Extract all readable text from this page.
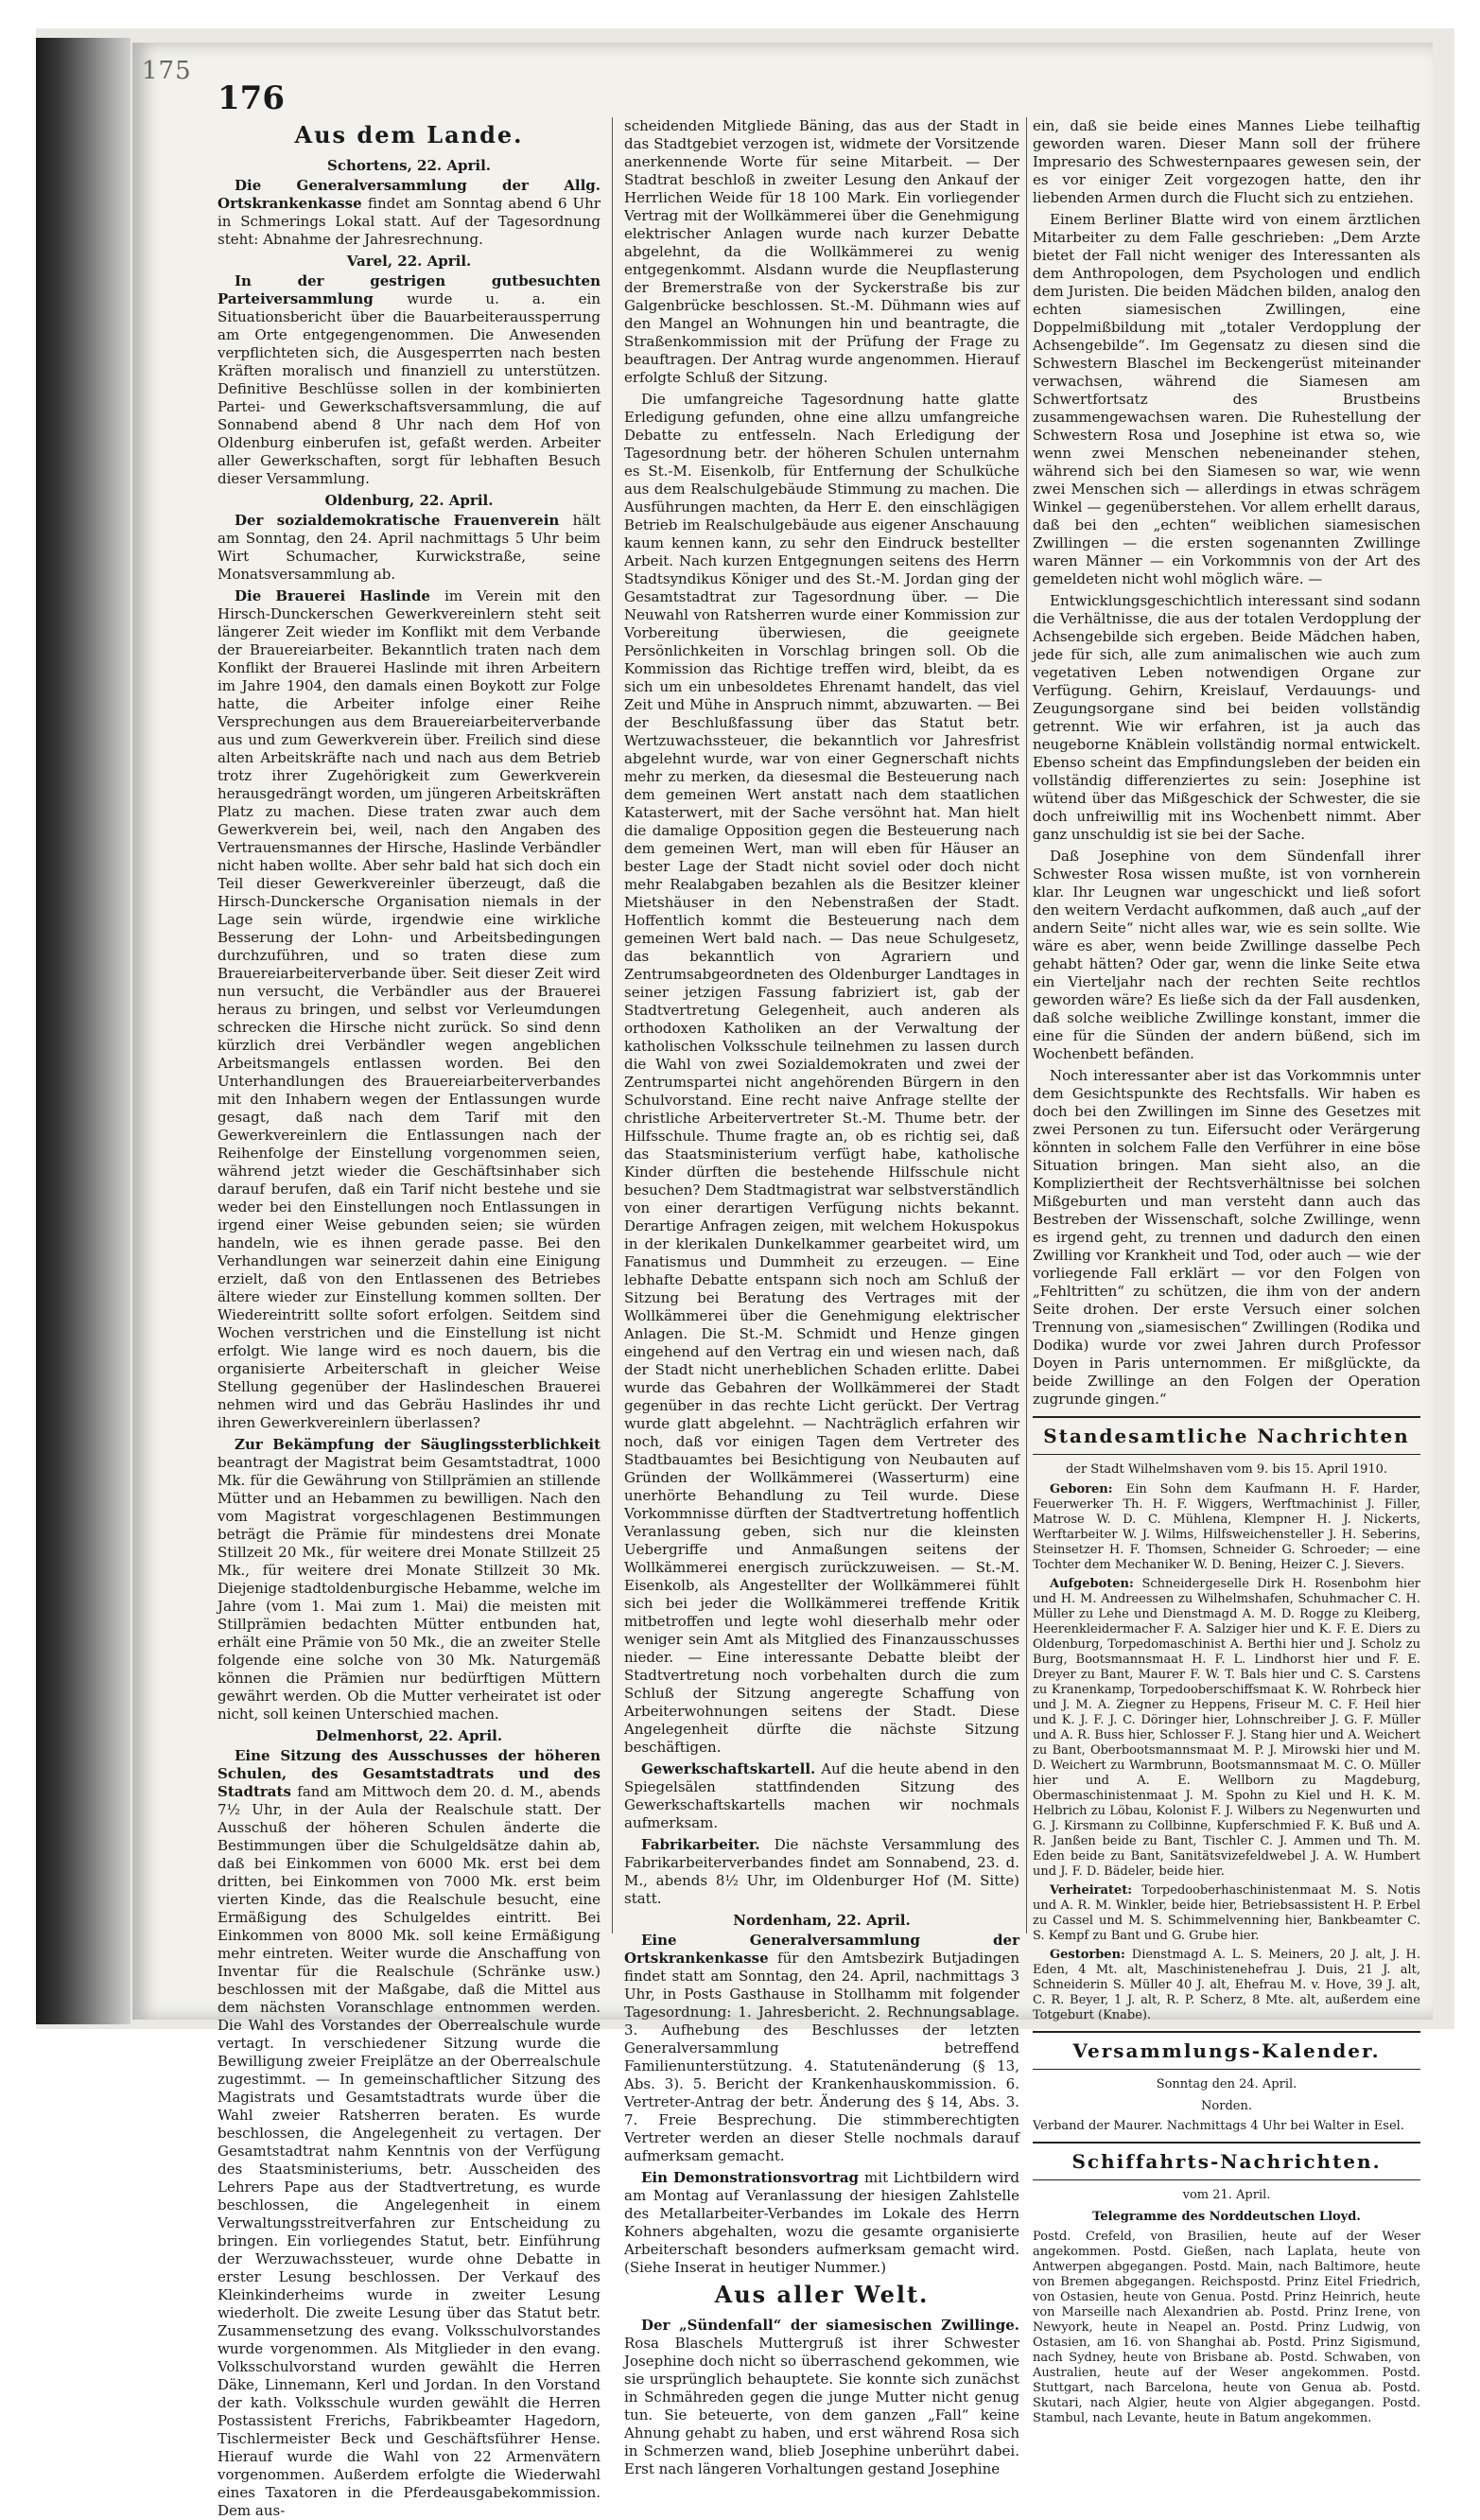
175
176
Aus dem Lande.
Schortens, 22. April.

Die Generalversammlung der Allg. Ortskrankenkasse findet am Sonntag abend 6 Uhr in Schmerings Lokal statt. Auf der Tagesordnung steht: Abnahme der Jahresrechnung.

Varel, 22. April.

In der gestrigen gutbesuchten Parteiversammlung wurde u. a. ein Situationsbericht über die Bauarbeiteraussperrung am Orte entgegengenommen. Die Anwesenden verpflichteten sich, die Ausgesperrten nach besten Kräften moralisch und finanziell zu unterstützen. Definitive Beschlüsse sollen in der kombinierten Partei- und Gewerkschaftsversammlung, die auf Sonnabend abend 8 Uhr nach dem Hof von Oldenburg einberufen ist, gefaßt werden. Arbeiter aller Gewerkschaften, sorgt für lebhaften Besuch dieser Versammlung.

Oldenburg, 22. April.

Der sozialdemokratische Frauenverein hält am Sonntag, den 24. April nachmittags 5 Uhr beim Wirt Schumacher, Kurwickstraße, seine Monatsversammlung ab.

Die Brauerei Haslinde im Verein mit den Hirsch-Dunckerschen Gewerkvereinlern steht seit längerer Zeit wieder im Konflikt mit dem Verbande der Brauereiarbeiter. Bekanntlich traten nach dem Konflikt der Brauerei Haslinde mit ihren Arbeitern im Jahre 1904, den damals einen Boykott zur Folge hatte, die Arbeiter infolge einer Reihe Versprechungen aus dem Brauereiarbeiterverbande aus und zum Gewerkverein über. Freilich sind diese alten Arbeitskräfte nach und nach aus dem Betrieb trotz ihrer Zugehörigkeit zum Gewerkverein herausgedrängt worden, um jüngeren Arbeitskräften Platz zu machen. Diese traten zwar auch dem Gewerkverein bei, weil, nach den Angaben des Vertrauensmannes der Hirsche, Haslinde Verbändler nicht haben wollte. Aber sehr bald hat sich doch ein Teil dieser Gewerkvereinler überzeugt, daß die Hirsch-Dunckersche Organisation niemals in der Lage sein würde, irgendwie eine wirkliche Besserung der Lohn- und Arbeitsbedingungen durchzuführen, und so traten diese zum Brauereiarbeiterverbande über. Seit dieser Zeit wird nun versucht, die Verbändler aus der Brauerei heraus zu bringen, und selbst vor Verleumdungen schrecken die Hirsche nicht zurück. So sind denn kürzlich drei Verbändler wegen angeblichen Arbeitsmangels entlassen worden. Bei den Unterhandlungen des Brauereiarbeiterverbandes mit den Inhabern wegen der Entlassungen wurde gesagt, daß nach dem Tarif mit den Gewerkvereinlern die Entlassungen nach der Reihenfolge der Einstellung vorgenommen seien, während jetzt wieder die Geschäftsinhaber sich darauf berufen, daß ein Tarif nicht bestehe und sie weder bei den Einstellungen noch Entlassungen in irgend einer Weise gebunden seien; sie würden handeln, wie es ihnen gerade passe. Bei den Verhandlungen war seinerzeit dahin eine Einigung erzielt, daß von den Entlassenen des Betriebes ältere wieder zur Einstellung kommen sollten. Der Wiedereintritt sollte sofort erfolgen. Seitdem sind Wochen verstrichen und die Einstellung ist nicht erfolgt. Wie lange wird es noch dauern, bis die organisierte Arbeiterschaft in gleicher Weise Stellung gegenüber der Haslindeschen Brauerei nehmen wird und das Gebräu Haslindes ihr und ihren Gewerkvereinlern überlassen?

Zur Bekämpfung der Säuglingssterblichkeit beantragt der Magistrat beim Gesamtstadtrat, 1000 Mk. für die Gewährung von Stillprämien an stillende Mütter und an Hebammen zu bewilligen. Nach den vom Magistrat vorgeschlagenen Bestimmungen beträgt die Prämie für mindestens drei Monate Stillzeit 20 Mk., für weitere drei Monate Stillzeit 25 Mk., für weitere drei Monate Stillzeit 30 Mk. Diejenige stadtoldenburgische Hebamme, welche im Jahre (vom 1. Mai zum 1. Mai) die meisten mit Stillprämien bedachten Mütter entbunden hat, erhält eine Prämie von 50 Mk., die an zweiter Stelle folgende eine solche von 30 Mk. Naturgemäß können die Prämien nur bedürftigen Müttern gewährt werden. Ob die Mutter verheiratet ist oder nicht, soll keinen Unterschied machen.

Delmenhorst, 22. April.

Eine Sitzung des Ausschusses der höheren Schulen, des Gesamtstadtrats und des Stadtrats fand am Mittwoch dem 20. d. M., abends 7½ Uhr, in der Aula der Realschule statt. Der Ausschuß der höheren Schulen änderte die Bestimmungen über die Schulgeldsätze dahin ab, daß bei Einkommen von 6000 Mk. erst bei dem dritten, bei Einkommen von 7000 Mk. erst beim vierten Kinde, das die Realschule besucht, eine Ermäßigung des Schulgeldes eintritt. Bei Einkommen von 8000 Mk. soll keine Ermäßigung mehr eintreten. Weiter wurde die Anschaffung von Inventar für die Realschule (Schränke usw.) beschlossen mit der Maßgabe, daß die Mittel aus dem nächsten Voranschlage entnommen werden. Die Wahl des Vorstandes der Oberrealschule wurde vertagt. In verschiedener Sitzung wurde die Bewilligung zweier Freiplätze an der Oberrealschule zugestimmt. — In gemeinschaftlicher Sitzung des Magistrats und Gesamtstadtrats wurde über die Wahl zweier Ratsherren beraten. Es wurde beschlossen, die Angelegenheit zu vertagen. Der Gesamtstadtrat nahm Kenntnis von der Verfügung des Staatsministeriums, betr. Ausscheiden des Lehrers Pape aus der Stadtvertretung, es wurde beschlossen, die Angelegenheit in einem Verwaltungsstreitverfahren zur Entscheidung zu bringen. Ein vorliegendes Statut, betr. Einführung der Werzuwachssteuer, wurde ohne Debatte in erster Lesung beschlossen. Der Verkauf des Kleinkinderheims wurde in zweiter Lesung wiederholt. Die zweite Lesung über das Statut betr. Zusammensetzung des evang. Volksschulvorstandes wurde vorgenommen. Als Mitglieder in den evang. Volksschulvorstand wurden gewählt die Herren Däke, Linnemann, Kerl und Jordan. In den Vorstand der kath. Volksschule wurden gewählt die Herren Postassistent Frerichs, Fabrikbeamter Hagedorn, Tischlermeister Beck und Geschäftsführer Hense. Hierauf wurde die Wahl von 22 Armenvätern vorgenommen. Außerdem erfolgte die Wiederwahl eines Taxatoren in die Pferdeausgabekommission. Dem aus-

scheidenden Mitgliede Bäning, das aus der Stadt in das Stadtgebiet verzogen ist, widmete der Vorsitzende anerkennende Worte für seine Mitarbeit. — Der Stadtrat beschloß in zweiter Lesung den Ankauf der Herrlichen Weide für 18 100 Mark. Ein vorliegender Vertrag mit der Wollkämmerei über die Genehmigung elektrischer Anlagen wurde nach kurzer Debatte abgelehnt, da die Wollkämmerei zu wenig entgegenkommt. Alsdann wurde die Neupflasterung der Bremerstraße von der Syckerstraße bis zur Galgenbrücke beschlossen. St.-M. Dühmann wies auf den Mangel an Wohnungen hin und beantragte, die Straßenkommission mit der Prüfung der Frage zu beauftragen. Der Antrag wurde angenommen. Hierauf erfolgte Schluß der Sitzung.

Die umfangreiche Tagesordnung hatte glatte Erledigung gefunden, ohne eine allzu umfangreiche Debatte zu entfesseln. Nach Erledigung der Tagesordnung betr. der höheren Schulen unternahm es St.-M. Eisenkolb, für Entfernung der Schulküche aus dem Realschulgebäude Stimmung zu machen. Die Ausführungen machten, da Herr E. den einschlägigen Betrieb im Realschulgebäude aus eigener Anschauung kaum kennen kann, zu sehr den Eindruck bestellter Arbeit. Nach kurzen Entgegnungen seitens des Herrn Stadtsyndikus Königer und des St.-M. Jordan ging der Gesamtstadtrat zur Tagesordnung über. — Die Neuwahl von Ratsherren wurde einer Kommission zur Vorbereitung überwiesen, die geeignete Persönlichkeiten in Vorschlag bringen soll. Ob die Kommission das Richtige treffen wird, bleibt, da es sich um ein unbesoldetes Ehrenamt handelt, das viel Zeit und Mühe in Anspruch nimmt, abzuwarten. — Bei der Beschlußfassung über das Statut betr. Wertzuwachssteuer, die bekanntlich vor Jahresfrist abgelehnt wurde, war von einer Gegnerschaft nichts mehr zu merken, da diesesmal die Besteuerung nach dem gemeinen Wert anstatt nach dem staatlichen Katasterwert, mit der Sache versöhnt hat. Man hielt die damalige Opposition gegen die Besteuerung nach dem gemeinen Wert, man will eben für Häuser an bester Lage der Stadt nicht soviel oder doch nicht mehr Realabgaben bezahlen als die Besitzer kleiner Mietshäuser in den Nebenstraßen der Stadt. Hoffentlich kommt die Besteuerung nach dem gemeinen Wert bald nach. — Das neue Schulgesetz, das bekanntlich von Agrariern und Zentrumsabgeordneten des Oldenburger Landtages in seiner jetzigen Fassung fabriziert ist, gab der Stadtvertretung Gelegenheit, auch anderen als orthodoxen Katholiken an der Verwaltung der katholischen Volksschule teilnehmen zu lassen durch die Wahl von zwei Sozialdemokraten und zwei der Zentrumspartei nicht angehörenden Bürgern in den Schulvorstand. Eine recht naive Anfrage stellte der christliche Arbeitervertreter St.-M. Thume betr. der Hilfsschule. Thume fragte an, ob es richtig sei, daß das Staatsministerium verfügt habe, katholische Kinder dürften die bestehende Hilfsschule nicht besuchen? Dem Stadtmagistrat war selbstverständlich von einer derartigen Verfügung nichts bekannt. Derartige Anfragen zeigen, mit welchem Hokuspokus in der klerikalen Dunkelkammer gearbeitet wird, um Fanatismus und Dummheit zu erzeugen. — Eine lebhafte Debatte entspann sich noch am Schluß der Sitzung bei Beratung des Vertrages mit der Wollkämmerei über die Genehmigung elektrischer Anlagen. Die St.-M. Schmidt und Henze gingen eingehend auf den Vertrag ein und wiesen nach, daß der Stadt nicht unerheblichen Schaden erlitte. Dabei wurde das Gebahren der Wollkämmerei der Stadt gegenüber in das rechte Licht gerückt. Der Vertrag wurde glatt abgelehnt. — Nachträglich erfahren wir noch, daß vor einigen Tagen dem Vertreter des Stadtbauamtes bei Besichtigung von Neubauten auf Gründen der Wollkämmerei (Wasserturm) eine unerhörte Behandlung zu Teil wurde. Diese Vorkommnisse dürften der Stadtvertretung hoffentlich Veranlassung geben, sich nur die kleinsten Uebergriffe und Anmaßungen seitens der Wollkämmerei energisch zurückzuweisen. — St.-M. Eisenkolb, als Angestellter der Wollkämmerei fühlt sich bei jeder die Wollkämmerei treffende Kritik mitbetroffen und legte wohl dieserhalb mehr oder weniger sein Amt als Mitglied des Finanzausschusses nieder. — Eine interessante Debatte bleibt der Stadtvertretung noch vorbehalten durch die zum Schluß der Sitzung angeregte Schaffung von Arbeiterwohnungen seitens der Stadt. Diese Angelegenheit dürfte die nächste Sitzung beschäftigen.

Gewerkschaftskartell. Auf die heute abend in den Spiegelsälen stattfindenden Sitzung des Gewerkschaftskartells machen wir nochmals aufmerksam.

Fabrikarbeiter. Die nächste Versammlung des Fabrikarbeiterverbandes findet am Sonnabend, 23. d. M., abends 8½ Uhr, im Oldenburger Hof (M. Sitte) statt.

Nordenham, 22. April.

Eine Generalversammlung der Ortskrankenkasse für den Amtsbezirk Butjadingen findet statt am Sonntag, den 24. April, nachmittags 3 Uhr, in Posts Gasthause in Stollhamm mit folgender Tagesordnung: 1. Jahresbericht. 2. Rechnungsablage. 3. Aufhebung des Beschlusses der letzten Generalversammlung betreffend Familienunterstützung. 4. Statutenänderung (§ 13, Abs. 3). 5. Bericht der Krankenhauskommission. 6. Vertreter-Antrag der betr. Änderung des § 14, Abs. 3. 7. Freie Besprechung. Die stimmberechtigten Vertreter werden an dieser Stelle nochmals darauf aufmerksam gemacht.

Ein Demonstrationsvortrag mit Lichtbildern wird am Montag auf Veranlassung der hiesigen Zahlstelle des Metallarbeiter-Verbandes im Lokale des Herrn Kohners abgehalten, wozu die gesamte organisierte Arbeiterschaft besonders aufmerksam gemacht wird. (Siehe Inserat in heutiger Nummer.)

Aus aller Welt.

Der „Sündenfall“ der siamesischen Zwillinge. Rosa Blaschels Muttergruß ist ihrer Schwester Josephine doch nicht so überraschend gekommen, wie sie ursprünglich behauptete. Sie konnte sich zunächst in Schmähreden gegen die junge Mutter nicht genug tun. Sie beteuerte, von dem ganzen „Fall“ keine Ahnung gehabt zu haben, und erst während Rosa sich in Schmerzen wand, blieb Josephine unberührt dabei. Erst nach längeren Vorhaltungen gestand Josephine

ein, daß sie beide eines Mannes Liebe teilhaftig geworden waren. Dieser Mann soll der frühere Impresario des Schwesternpaares gewesen sein, der es vor einiger Zeit vorgezogen hatte, den ihr liebenden Armen durch die Flucht sich zu entziehen.

Einem Berliner Blatte wird von einem ärztlichen Mitarbeiter zu dem Falle geschrieben: „Dem Arzte bietet der Fall nicht weniger des Interessanten als dem Anthropologen, dem Psychologen und endlich dem Juristen. Die beiden Mädchen bilden, analog den echten siamesischen Zwillingen, eine Doppelmißbildung mit „totaler Verdopplung der Achsengebilde“. Im Gegensatz zu diesen sind die Schwestern Blaschel im Beckengerüst miteinander verwachsen, während die Siamesen am Schwertfortsatz des Brustbeins zusammengewachsen waren. Die Ruhestellung der Schwestern Rosa und Josephine ist etwa so, wie wenn zwei Menschen nebeneinander stehen, während sich bei den Siamesen so war, wie wenn zwei Menschen sich — allerdings in etwas schrägem Winkel — gegenüberstehen. Vor allem erhellt daraus, daß bei den „echten“ weiblichen siamesischen Zwillingen — die ersten sogenannten Zwillinge waren Männer — ein Vorkommnis von der Art des gemeldeten nicht wohl möglich wäre. —

Entwicklungsgeschichtlich interessant sind sodann die Verhältnisse, die aus der totalen Verdopplung der Achsengebilde sich ergeben. Beide Mädchen haben, jede für sich, alle zum animalischen wie auch zum vegetativen Leben notwendigen Organe zur Verfügung. Gehirn, Kreislauf, Verdauungs- und Zeugungsorgane sind bei beiden vollständig getrennt. Wie wir erfahren, ist ja auch das neugeborne Knäblein vollständig normal entwickelt. Ebenso scheint das Empfindungsleben der beiden ein vollständig differenziertes zu sein: Josephine ist wütend über das Mißgeschick der Schwester, die sie doch unfreiwillig mit ins Wochenbett nimmt. Aber ganz unschuldig ist sie bei der Sache.

Daß Josephine von dem Sündenfall ihrer Schwester Rosa wissen mußte, ist von vornherein klar. Ihr Leugnen war ungeschickt und ließ sofort den weitern Verdacht aufkommen, daß auch „auf der andern Seite“ nicht alles war, wie es sein sollte. Wie wäre es aber, wenn beide Zwillinge dasselbe Pech gehabt hätten? Oder gar, wenn die linke Seite etwa ein Vierteljahr nach der rechten Seite rechtlos geworden wäre? Es ließe sich da der Fall ausdenken, daß solche weibliche Zwillinge konstant, immer die eine für die Sünden der andern büßend, sich im Wochenbett befänden.

Noch interessanter aber ist das Vorkommnis unter dem Gesichtspunkte des Rechtsfalls. Wir haben es doch bei den Zwillingen im Sinne des Gesetzes mit zwei Personen zu tun. Eifersucht oder Verärgerung könnten in solchem Falle den Verführer in eine böse Situation bringen. Man sieht also, an die Kompliziertheit der Rechtsverhältnisse bei solchen Mißgeburten und man versteht dann auch das Bestreben der Wissenschaft, solche Zwillinge, wenn es irgend geht, zu trennen und dadurch den einen Zwilling vor Krankheit und Tod, oder auch — wie der vorliegende Fall erklärt — vor den Folgen von „Fehltritten“ zu schützen, die ihm von der andern Seite drohen. Der erste Versuch einer solchen Trennung von „siamesischen“ Zwillingen (Rodika und Dodika) wurde vor zwei Jahren durch Professor Doyen in Paris unternommen. Er mißglückte, da beide Zwillinge an den Folgen der Operation zugrunde gingen.“

Standesamtliche Nachrichten
der Stadt Wilhelmshaven vom 9. bis 15. April 1910.

Geboren: Ein Sohn dem Kaufmann H. F. Harder, Feuerwerker Th. H. F. Wiggers, Werftmachinist J. Filler, Matrose W. D. C. Mühlena, Klempner H. J. Nickerts, Werftarbeiter W. J. Wilms, Hilfsweichensteller J. H. Seberins, Steinsetzer H. F. Thomsen, Schneider G. Schroeder; — eine Tochter dem Mechaniker W. D. Bening, Heizer C. J. Sievers.

Aufgeboten: Schneidergeselle Dirk H. Rosenbohm hier und H. M. Andreessen zu Wilhelmshafen, Schuhmacher C. H. Müller zu Lehe und Dienstmagd A. M. D. Rogge zu Kleiberg, Heerenkleidermacher F. A. Salziger hier und K. F. E. Diers zu Oldenburg, Torpedomaschinist A. Berthi hier und J. Scholz zu Burg, Bootsmannsmaat H. F. L. Lindhorst hier und F. E. Dreyer zu Bant, Maurer F. W. T. Bals hier und C. S. Carstens zu Kranenkamp, Torpedooberschiffsmaat K. W. Rohrbeck hier und J. M. A. Ziegner zu Heppens, Friseur M. C. F. Heil hier und K. J. F. J. C. Döringer hier, Lohnschreiber J. G. F. Müller und A. R. Buss hier, Schlosser F. J. Stang hier und A. Weichert zu Bant, Oberbootsmannsmaat M. P. J. Mirowski hier und M. D. Weichert zu Warmbrunn, Bootsmannsmaat M. C. O. Müller hier und A. E. Wellborn zu Magdeburg, Obermaschinistenmaat J. M. Spohn zu Kiel und H. K. M. Helbrich zu Löbau, Kolonist F. J. Wilbers zu Negenwurten und G. J. Kirsmann zu Collbinne, Kupferschmied F. K. Buß und A. R. Janßen beide zu Bant, Tischler C. J. Ammen und Th. M. Eden beide zu Bant, Sanitätsvizefeldwebel J. A. W. Humbert und J. F. D. Bädeler, beide hier.

Verheiratet: Torpedooberhaschinistenmaat M. S. Notis und A. R. M. Winkler, beide hier, Betriebsassistent H. P. Erbel zu Cassel und M. S. Schimmelvenning hier, Bankbeamter C. S. Kempf zu Bant und G. Grube hier.

Gestorben: Dienstmagd A. L. S. Meiners, 20 J. alt, J. H. Eden, 4 Mt. alt, Maschinistenehefrau J. Duis, 21 J. alt, Schneiderin S. Müller 40 J. alt, Ehefrau M. v. Hove, 39 J. alt, C. R. Beyer, 1 J. alt, R. P. Scherz, 8 Mte. alt, außerdem eine Totgeburt (Knabe).

Versammlungs-Kalender.
Sonntag den 24. April.
Norden.

Verband der Maurer. Nachmittags 4 Uhr bei Walter in Esel.

Schiffahrts-Nachrichten.
vom 21. April.
Telegramme des Norddeutschen Lloyd.

Postd. Crefeld, von Brasilien, heute auf der Weser angekommen. Postd. Gießen, nach Laplata, heute von Antwerpen abgegangen. Postd. Main, nach Baltimore, heute von Bremen abgegangen. Reichspostd. Prinz Eitel Friedrich, von Ostasien, heute von Genua. Postd. Prinz Heinrich, heute von Marseille nach Alexandrien ab. Postd. Prinz Irene, von Newyork, heute in Neapel an. Postd. Prinz Ludwig, von Ostasien, am 16. von Shanghai ab. Postd. Prinz Sigismund, nach Sydney, heute von Brisbane ab. Postd. Schwaben, von Australien, heute auf der Weser angekommen. Postd. Stuttgart, nach Barcelona, heute von Genua ab. Postd. Skutari, nach Algier, heute von Algier abgegangen. Postd. Stambul, nach Levante, heute in Batum angekommen.
